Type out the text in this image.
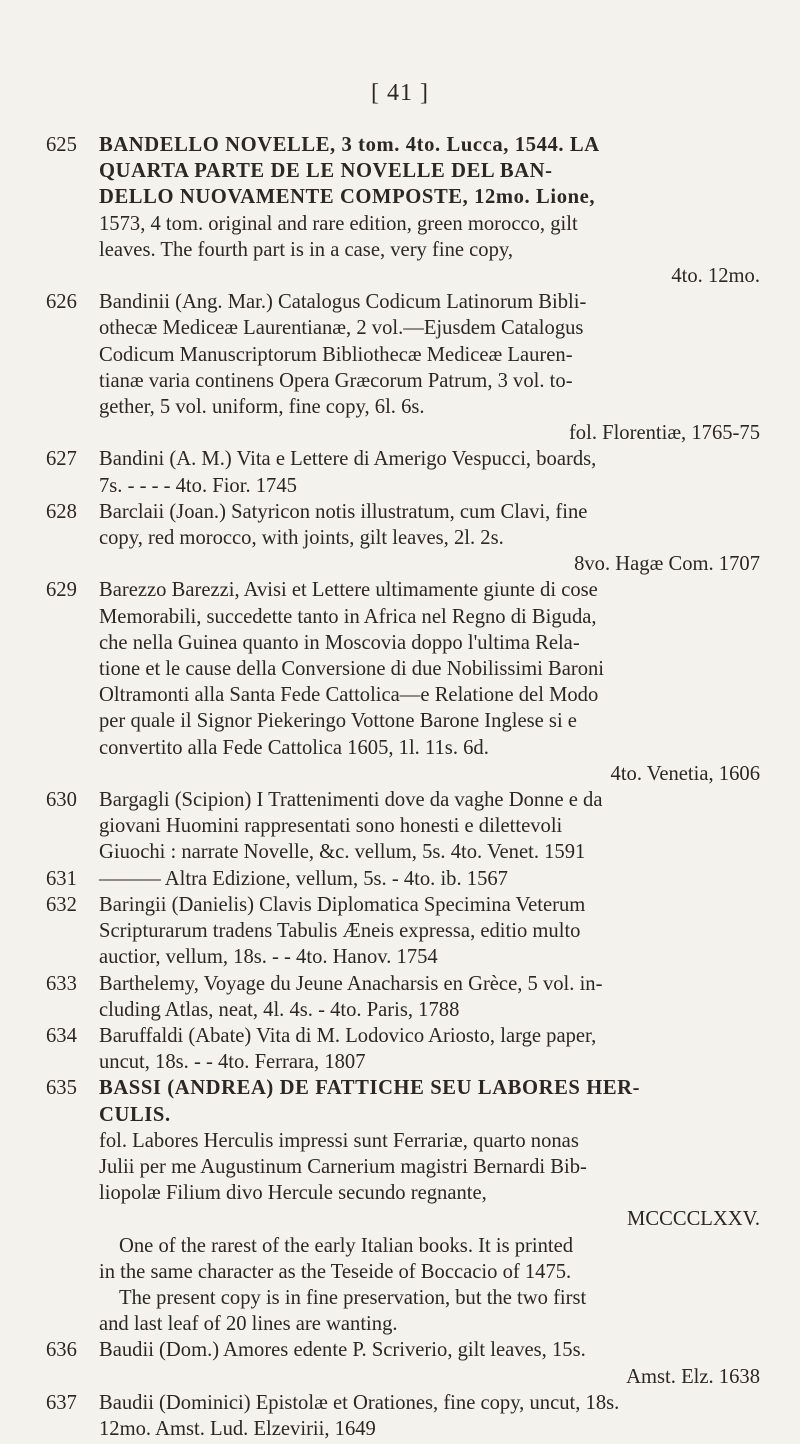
[ 41 ]
625	BANDELLO NOVELLE, 3 tom. 4to. Lucca, 1544. LA
QUARTA PARTE DE LE NOVELLE DEL BAN-
DELLO NUOVAMENTE COMPOSTE, 12mo. Lione,
1573, 4 tom. original and rare edition, green morocco, gilt
leaves. The fourth part is in a case, very fine copy,
4to. 12mo.
626	Bandinii (Ang. Mar.) Catalogus Codicum Latinorum Bibli-
othecæ Mediceæ Laurentianæ, 2 vol.—Ejusdem Catalogus
Codicum Manuscriptorum Bibliothecæ Mediceæ Lauren-
tianæ varia continens Opera Græcorum Patrum, 3 vol. to-
gether, 5 vol. uniform, fine copy, 6l. 6s.
fol. Florentiæ, 1765-75
627	Bandini (A. M.) Vita e Lettere di Amerigo Vespucci, boards,
7s. - - - - 4to. Fior. 1745
628	Barclaii (Joan.) Satyricon notis illustratum, cum Clavi, fine
copy, red morocco, with joints, gilt leaves, 2l. 2s.
8vo. Hagæ Com. 1707
629	Barezzo Barezzi, Avisi et Lettere ultimamente giunte di cose
Memorabili, succedette tanto in Africa nel Regno di Biguda,
che nella Guinea quanto in Moscovia doppo l'ultima Rela-
tione et le cause della Conversione di due Nobilissimi Baroni
Oltramonti alla Santa Fede Cattolica—e Relatione del Modo
per quale il Signor Piekeringo Vottone Barone Inglese si e
convertito alla Fede Cattolica 1605, 1l. 11s. 6d.
4to. Venetia, 1606
630	Bargagli (Scipion) I Trattenimenti dove da vaghe Donne e da
giovani Huomini rappresentati sono honesti e dilettevoli
Giuochi : narrate Novelle, &c. vellum, 5s. 4to. Venet. 1591
631	——— Altra Edizione, vellum, 5s. - 4to. ib. 1567
632	Baringii (Danielis) Clavis Diplomatica Specimina Veterum
Scripturarum tradens Tabulis Æneis expressa, editio multo
auctior, vellum, 18s. - - 4to. Hanov. 1754
633	Barthelemy, Voyage du Jeune Anacharsis en Grèce, 5 vol. in-
cluding Atlas, neat, 4l. 4s. - 4to. Paris, 1788
634	Baruffaldi (Abate) Vita di M. Lodovico Ariosto, large paper,
uncut, 18s. - - 4to. Ferrara, 1807
635	BASSI (ANDREA) DE FATTICHE SEU LABORES HER-
CULIS.
fol. Labores Herculis impressi sunt Ferrariæ, quarto nonas
Julii per me Augustinum Carnerium magistri Bernardi Bib-
liopolæ Filium divo Hercule secundo regnante,
MCCCCLXXV.
One of the rarest of the early Italian books. It is printed
in the same character as the Teseide of Boccacio of 1475.
The present copy is in fine preservation, but the two first
and last leaf of 20 lines are wanting.
636	Baudii (Dom.) Amores edente P. Scriverio, gilt leaves, 15s.
Amst. Elz. 1638
637	Baudii (Dominici) Epistolæ et Orationes, fine copy, uncut, 18s.
12mo. Amst. Lud. Elzevirii, 1649
